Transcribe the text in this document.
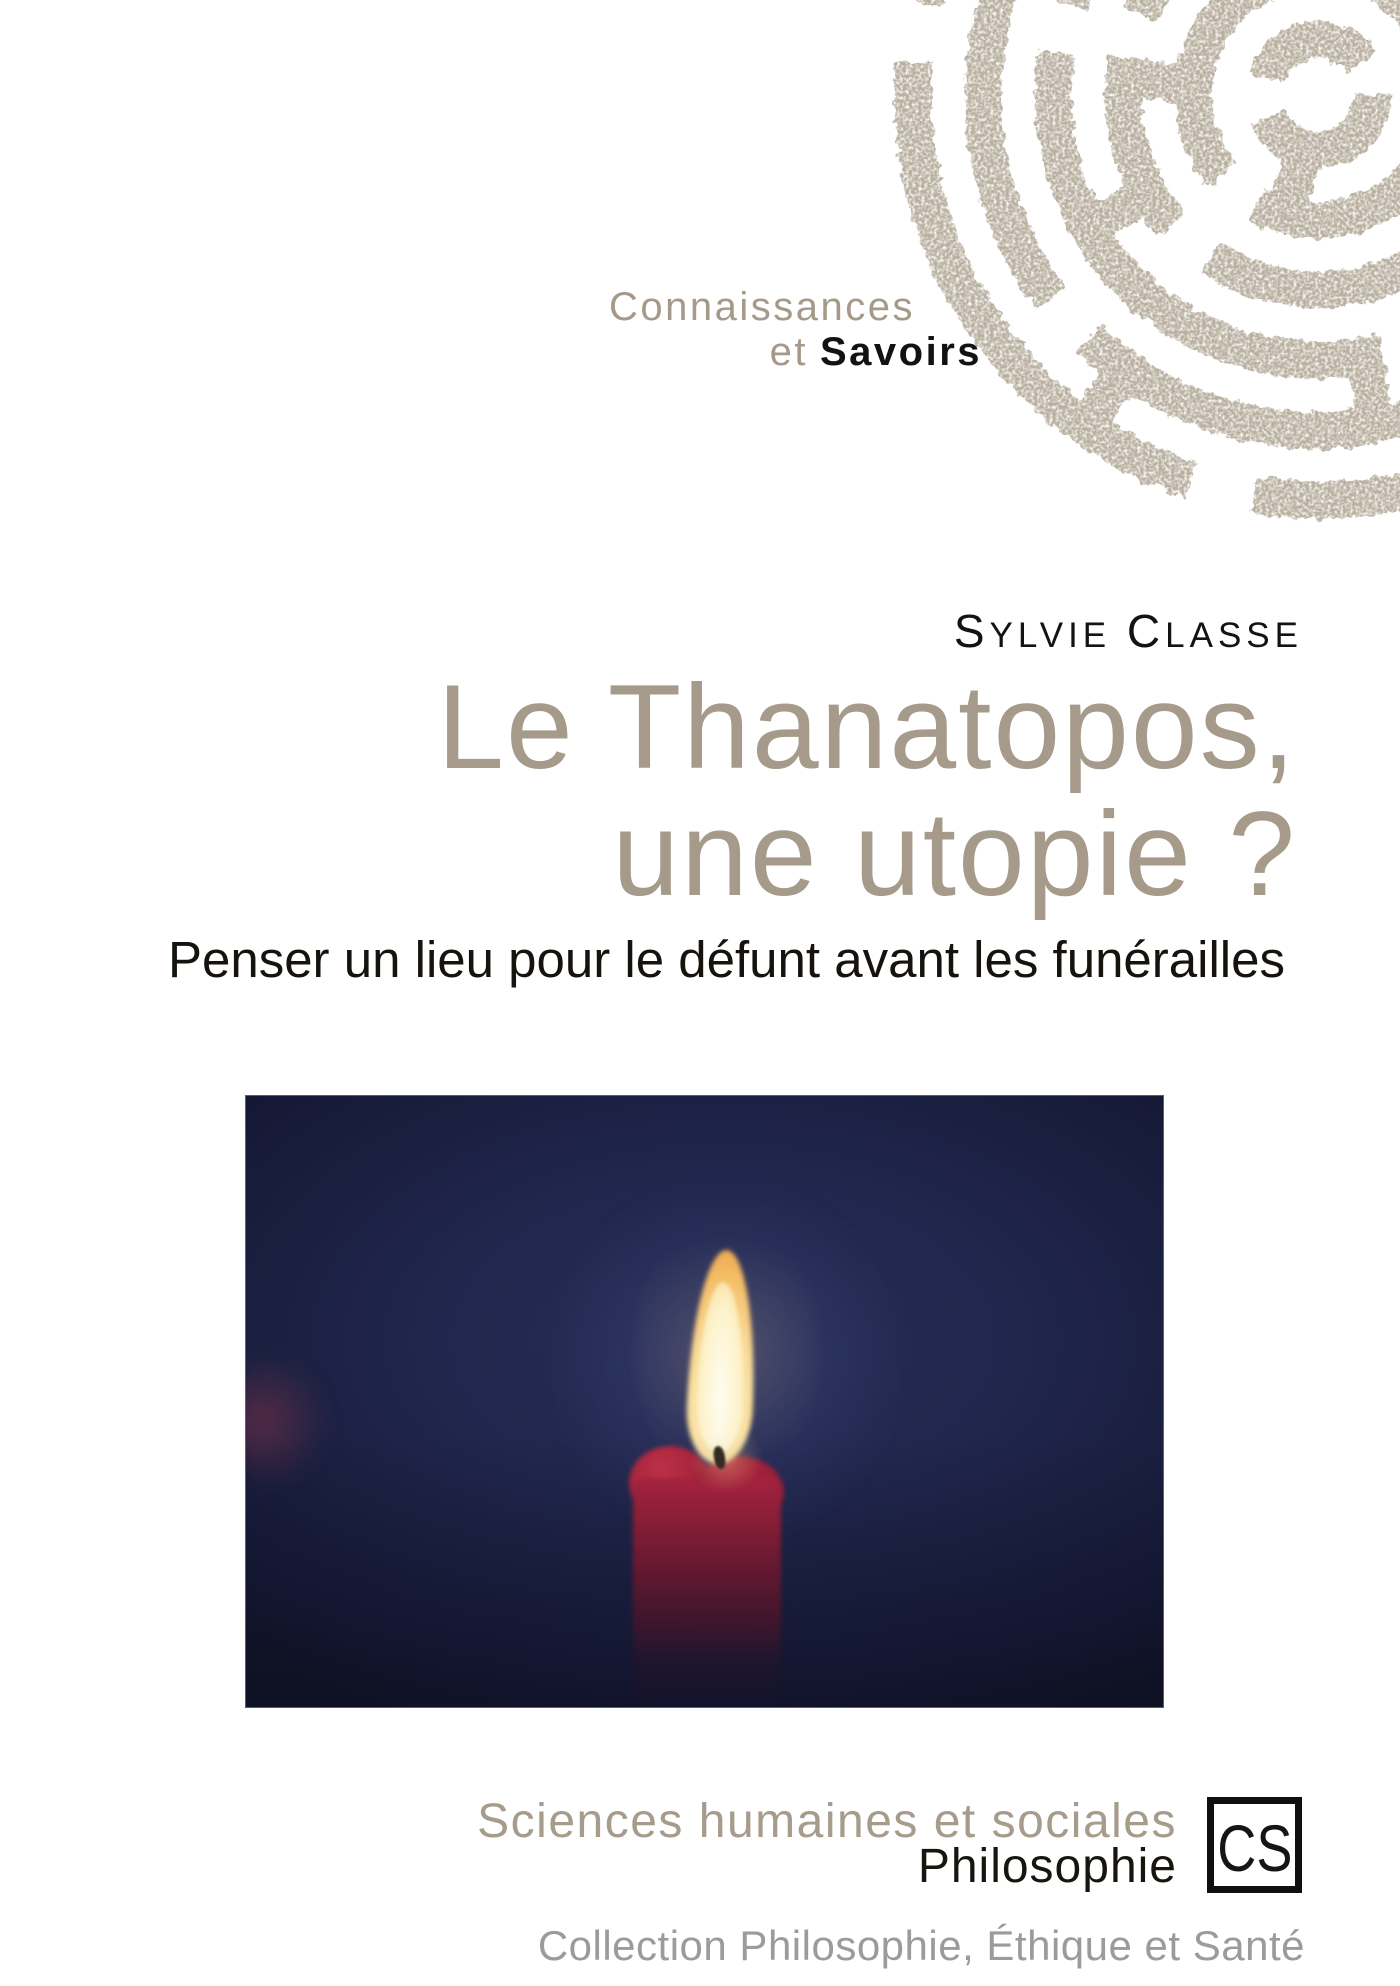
Connaissances
et Savoirs
SYLVIE CLASSE
Le Thanatopos,
une utopie ?
Penser un lieu pour le défunt avant les funérailles
Sciences humaines et sociales
Philosophie CS
Collection Philosophie, Éthique et Santé
